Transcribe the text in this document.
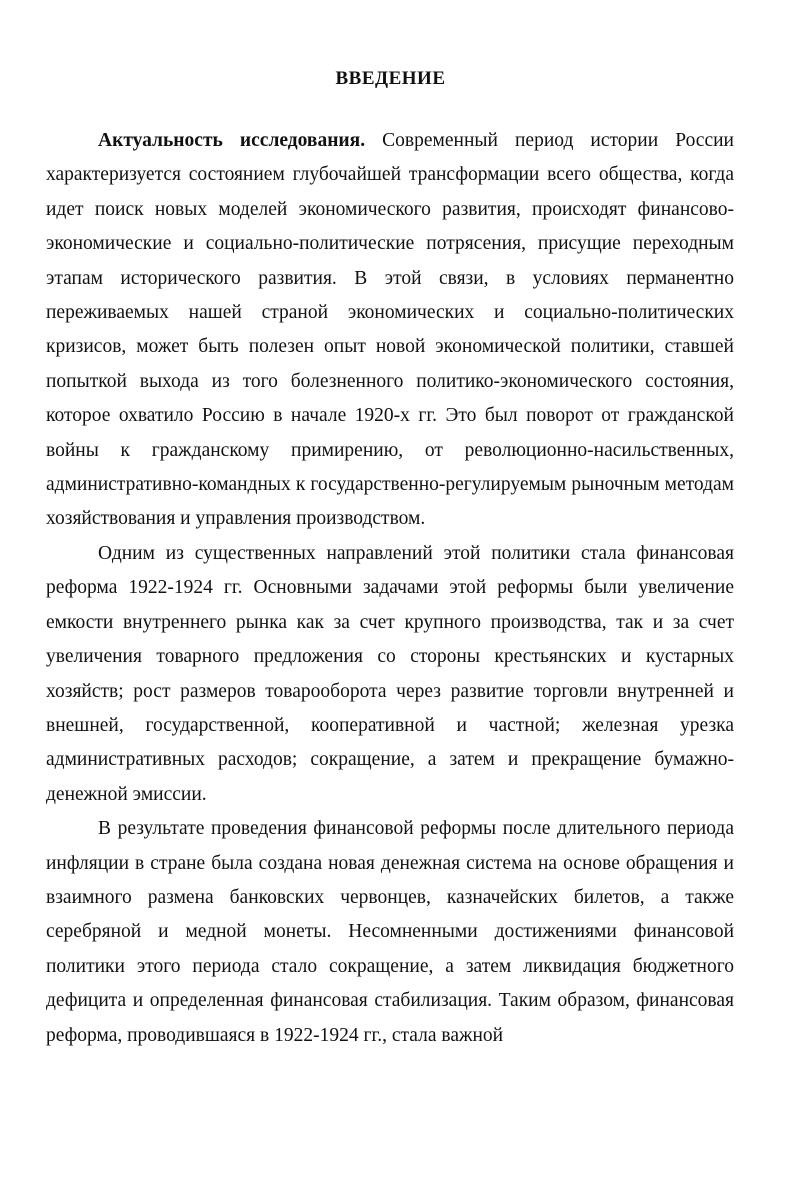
ВВЕДЕНИЕ

Актуальность исследования. Современный период истории России характеризуется состоянием глубочайшей трансформации всего общества, когда идет поиск новых моделей экономического развития, происходят финансово-экономические и социально-политические потрясения, присущие переходным этапам исторического развития. В этой связи, в условиях перманентно переживаемых нашей страной экономических и социально-политических кризисов, может быть полезен опыт новой экономической политики, ставшей попыткой выхода из того болезненного политико-экономического состояния, которое охватило Россию в начале 1920-х гг. Это был поворот от гражданской войны к гражданскому примирению, от революционно-насильственных, административно-командных к государственно-регулируемым рыночным методам хозяйствования и управления производством.

Одним из существенных направлений этой политики стала финансовая реформа 1922-1924 гг. Основными задачами этой реформы были увеличение емкости внутреннего рынка как за счет крупного производства, так и за счет увеличения товарного предложения со стороны крестьянских и кустарных хозяйств; рост размеров товарооборота через развитие торговли внутренней и внешней, государственной, кооперативной и частной; железная урезка административных расходов; сокращение, а затем и прекращение бумажно-денежной эмиссии.

В результате проведения финансовой реформы после длительного периода инфляции в стране была создана новая денежная система на основе обращения и взаимного размена банковских червонцев, казначейских билетов, а также серебряной и медной монеты. Несомненными достижениями финансовой политики этого периода стало сокращение, а затем ликвидация бюджетного дефицита и определенная финансовая стабилизация. Таким образом, финансовая реформа, проводившаяся в 1922-1924 гг., стала важной
